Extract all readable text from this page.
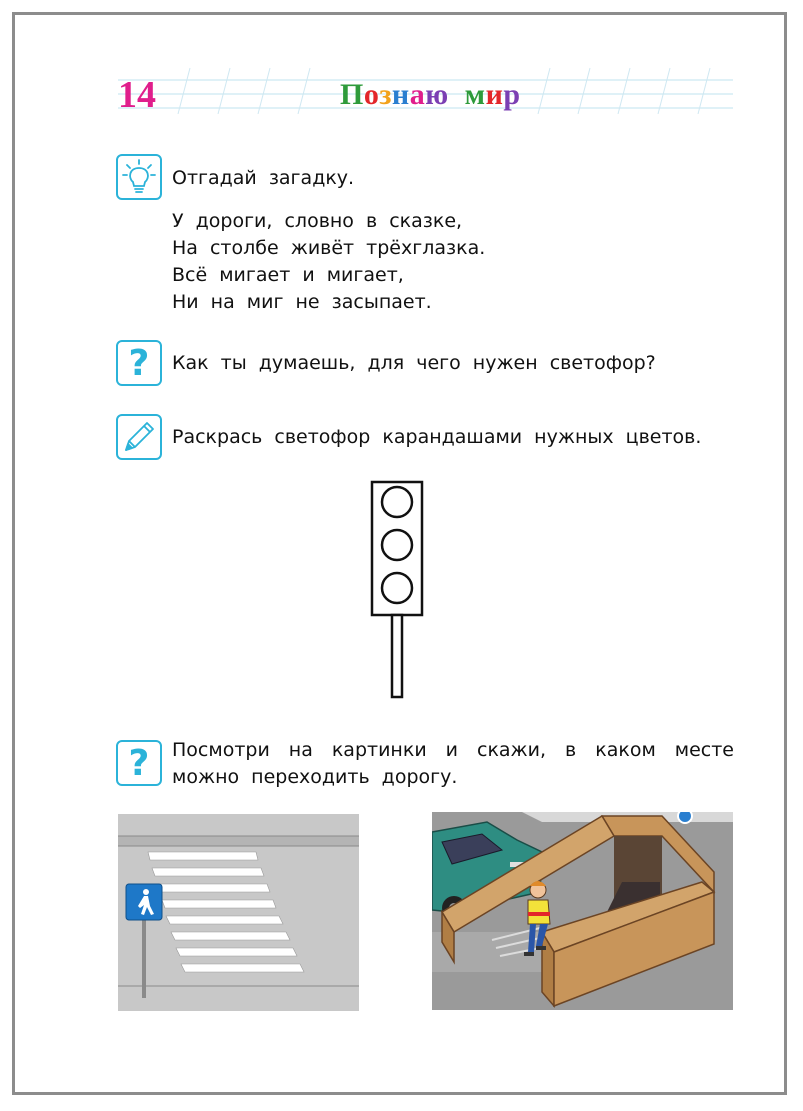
14	Познаю мир
Отгадай загадку.
У дороги, словно в сказке,
На столбе живёт трёхглазка.
Всё мигает и мигает,
Ни на миг не засыпает.
? Как ты думаешь, для чего нужен светофор?
Раскрась светофор карандашами нужных цветов.
? Посмотри на картинки и скажи, в каком месте можно переходить дорогу.
